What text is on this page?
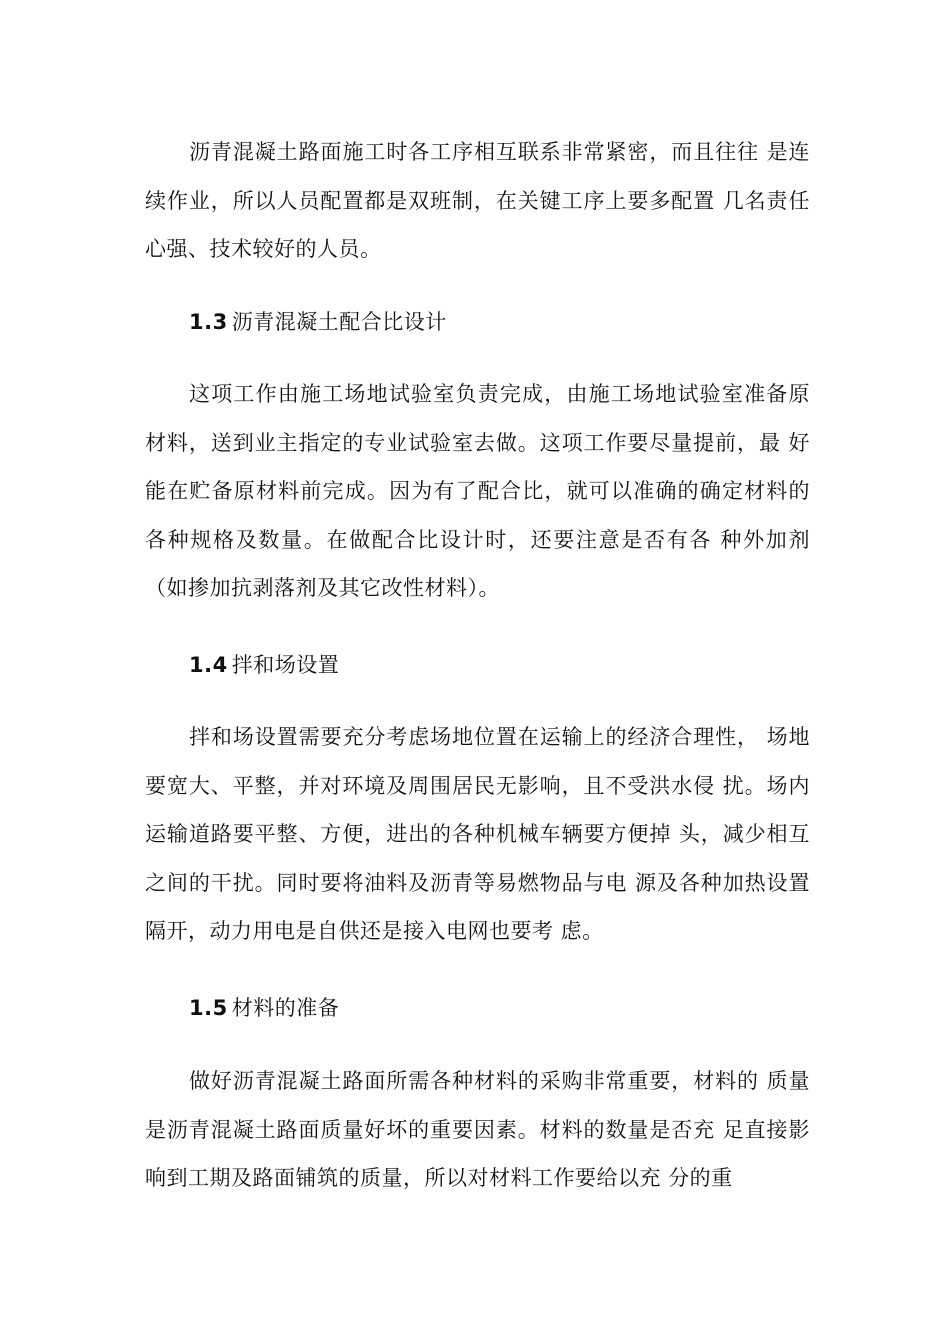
沥青混凝土路面施工时各工序相互联系非常紧密，而且往往 是连续作业，所以人员配置都是双班制，在关键工序上要多配置 几名责任心强、技术较好的人员。

1.3 沥青混凝土配合比设计

这项工作由施工场地试验室负责完成，由施工场地试验室准备原材料，送到业主指定的专业试验室去做。这项工作要尽量提前，最 好能在贮备原材料前完成。因为有了配合比，就可以准确的确定材料的各种规格及数量。在做配合比设计时，还要注意是否有各 种外加剂（如掺加抗剥落剂及其它改性材料）。

1.4 拌和场设置

拌和场设置需要充分考虑场地位置在运输上的经济合理性， 场地要宽大、平整，并对环境及周围居民无影响，且不受洪水侵 扰。场内运输道路要平整、方便，进出的各种机械车辆要方便掉 头，减少相互之间的干扰。同时要将油料及沥青等易燃物品与电 源及各种加热设置隔开，动力用电是自供还是接入电网也要考 虑。

1.5 材料的准备

做好沥青混凝土路面所需各种材料的采购非常重要，材料的 质量是沥青混凝土路面质量好坏的重要因素。材料的数量是否充 足直接影响到工期及路面铺筑的质量，所以对材料工作要给以充 分的重
